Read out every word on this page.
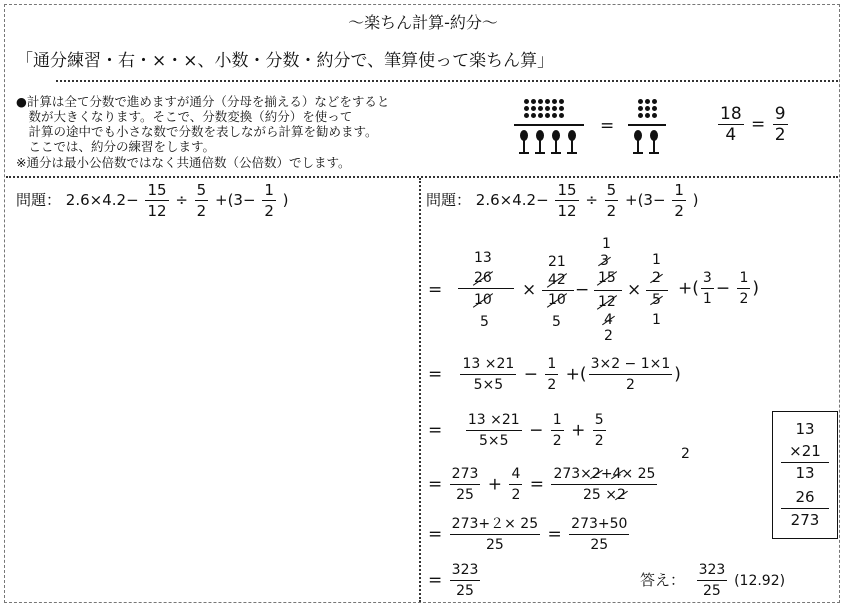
～楽ちん計算-約分～
「通分練習・右・×・×、小数・分数・約分で、筆算使って楽ちん算」
●計算は全て分数で進めますが通分（分母を揃える）などをすると
　数が大きくなります。そこで、分数変換（約分）を使って
　計算の途中でも小さな数で分数を表しながら計算を勧めます。
　ここでは、約分の練習をします。
※通分は最小公倍数ではなく共通倍数（公倍数）でします。
=	$\frac{18}{4} = \frac{9}{2}$
問題： $2.6\times 4.2- \frac{15}{12} \div \frac{5}{2} +(3- \frac{1}{2}$ )	問題： $2.6\times 4.2- \frac{15}{12} \div \frac{5}{2} +(3- \frac{1}{2}$ )
=
13
26
10
5
×
21
42
10
5
−
1
3
15
12
4
2
×
1
2
5
1
+( $\frac{3}{1} - \frac{1}{2}$ )
= $\frac{13 \times 21}{5\times 5} - \frac{1}{2}$ +( $\frac{3\times 2 - 1\times 1}{2}$ )
= $\frac{13 \times 21}{5\times 5} - \frac{1}{2} + \frac{5}{2}$
= $\frac{273}{25} + \frac{4}{2} = \frac{273\times 2+4\times 25}{25 \times 2}$
2
= $\frac{273+2\times 25}{25} = \frac{273+50}{25}$
= $\frac{323}{25}$	答え： $\frac{323}{25} (12.92)$
13
×21
13
26
273
